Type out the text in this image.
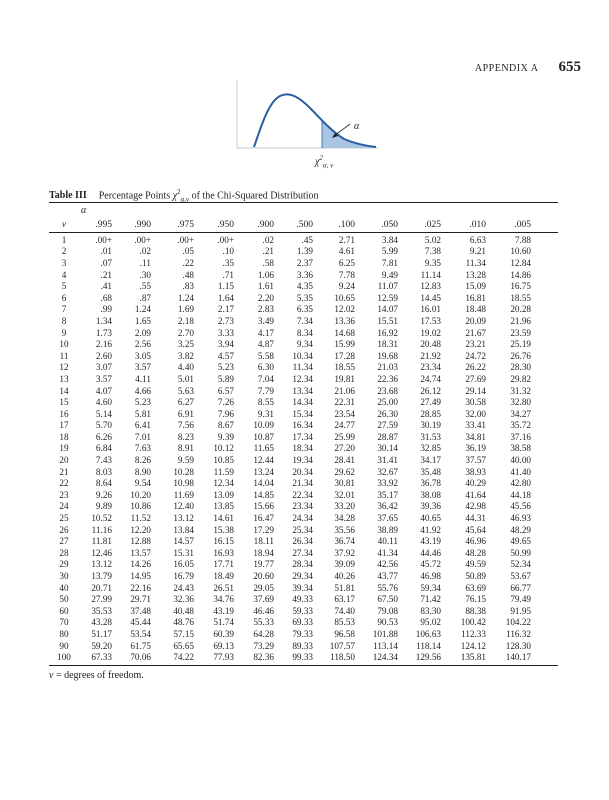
APPENDIX A 655
α
$\chi^2_{\alpha, \nu}$
Table III Percentage Points $\chi^2_{\alpha,\nu}$ of the Chi-Squared Distribution
α
ν	.995	.990	.975	.950	.900	.500	.100	.050	.025	.010	.005
1	.00+	.00+	.00+	.00+	.02	.45	2.71	3.84	5.02	6.63	7.88
2	.01	.02	.05	.10	.21	1.39	4.61	5.99	7.38	9.21	10.60
3	.07	.11	.22	.35	.58	2.37	6.25	7.81	9.35	11.34	12.84
4	.21	.30	.48	.71	1.06	3.36	7.78	9.49	11.14	13.28	14.86
5	.41	.55	.83	1.15	1.61	4.35	9.24	11.07	12.83	15.09	16.75
6	.68	.87	1.24	1.64	2.20	5.35	10.65	12.59	14.45	16.81	18.55
7	.99	1.24	1.69	2.17	2.83	6.35	12.02	14.07	16.01	18.48	20.28
8	1.34	1.65	2.18	2.73	3.49	7.34	13.36	15.51	17.53	20.09	21.96
9	1.73	2.09	2.70	3.33	4.17	8.34	14.68	16.92	19.02	21.67	23.59
10	2.16	2.56	3.25	3.94	4.87	9.34	15.99	18.31	20.48	23.21	25.19
11	2.60	3.05	3.82	4.57	5.58	10.34	17.28	19.68	21.92	24.72	26.76
12	3.07	3.57	4.40	5.23	6.30	11.34	18.55	21.03	23.34	26.22	28.30
13	3.57	4.11	5.01	5.89	7.04	12.34	19.81	22.36	24.74	27.69	29.82
14	4.07	4.66	5.63	6.57	7.79	13.34	21.06	23.68	26.12	29.14	31.32
15	4.60	5.23	6.27	7.26	8.55	14.34	22.31	25.00	27.49	30.58	32.80
16	5.14	5.81	6.91	7.96	9.31	15.34	23.54	26.30	28.85	32.00	34.27
17	5.70	6.41	7.56	8.67	10.09	16.34	24.77	27.59	30.19	33.41	35.72
18	6.26	7.01	8.23	9.39	10.87	17.34	25.99	28.87	31.53	34.81	37.16
19	6.84	7.63	8.91	10.12	11.65	18.34	27.20	30.14	32.85	36.19	38.58
20	7.43	8.26	9.59	10.85	12.44	19.34	28.41	31.41	34.17	37.57	40.00
21	8.03	8.90	10.28	11.59	13.24	20.34	29.62	32.67	35.48	38.93	41.40
22	8.64	9.54	10.98	12.34	14.04	21.34	30.81	33.92	36.78	40.29	42.80
23	9.26	10.20	11.69	13.09	14.85	22.34	32.01	35.17	38.08	41.64	44.18
24	9.89	10.86	12.40	13.85	15.66	23.34	33.20	36.42	39.36	42.98	45.56
25	10.52	11.52	13.12	14.61	16.47	24.34	34.28	37.65	40.65	44.31	46.93
26	11.16	12.20	13.84	15.38	17.29	25.34	35.56	38.89	41.92	45.64	48.29
27	11.81	12.88	14.57	16.15	18.11	26.34	36.74	40.11	43.19	46.96	49.65
28	12.46	13.57	15.31	16.93	18.94	27.34	37.92	41.34	44.46	48.28	50.99
29	13.12	14.26	16.05	17.71	19.77	28.34	39.09	42.56	45.72	49.59	52.34
30	13.79	14.95	16.79	18.49	20.60	29.34	40.26	43.77	46.98	50.89	53.67
40	20.71	22.16	24.43	26.51	29.05	39.34	51.81	55.76	59.34	63.69	66.77
50	27.99	29.71	32.36	34.76	37.69	49.33	63.17	67.50	71.42	76.15	79.49
60	35.53	37.48	40.48	43.19	46.46	59.33	74.40	79.08	83.30	88.38	91.95
70	43.28	45.44	48.76	51.74	55.33	69.33	85.53	90.53	95.02	100.42	104.22
80	51.17	53.54	57.15	60.39	64.28	79.33	96.58	101.88	106.63	112.33	116.32
90	59.20	61.75	65.65	69.13	73.29	89.33	107.57	113.14	118.14	124.12	128.30
100	67.33	70.06	74.22	77.93	82.36	99.33	118.50	124.34	129.56	135.81	140.17
ν = degrees of freedom.
